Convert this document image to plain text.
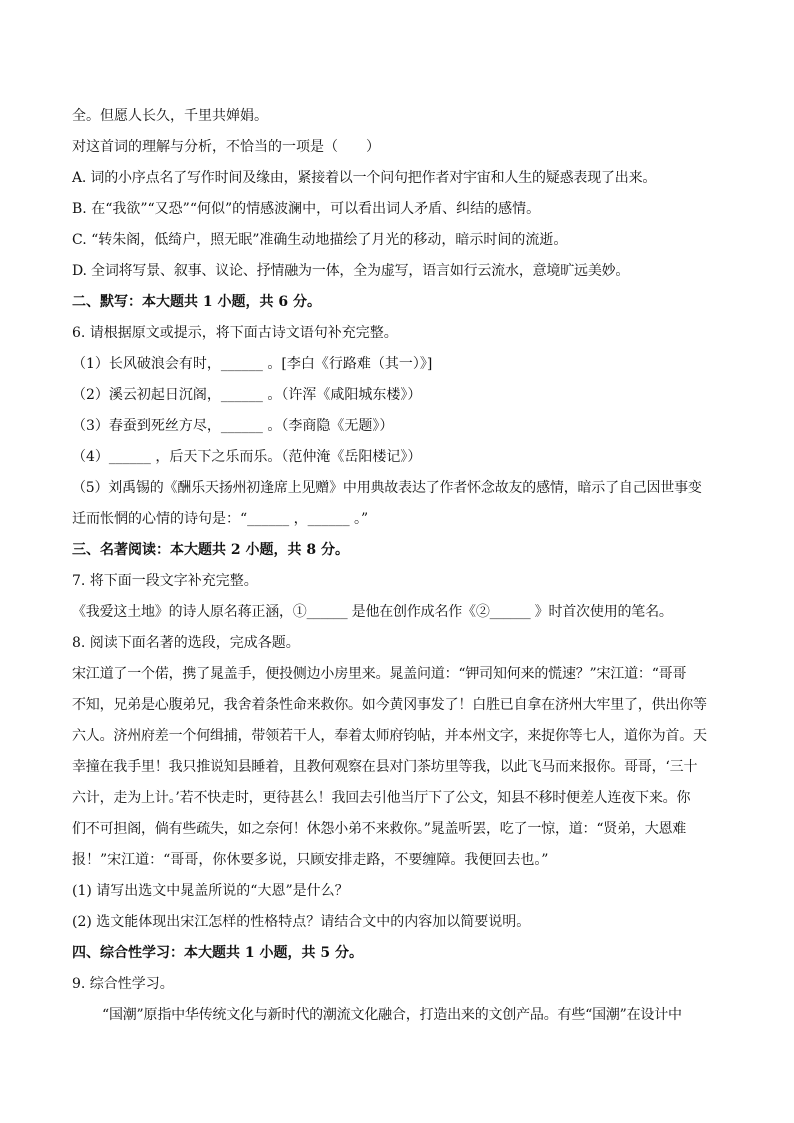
全。但愿人长久，千里共婵娟。
对这首词的理解与分析，不恰当的一项是（　　）
A. 词的小序点名了写作时间及缘由，紧接着以一个问句把作者对宇宙和人生的疑惑表现了出来。
B. 在“我欲”“又恐”“何似”的情感波澜中，可以看出词人矛盾、纠结的感情。
C. “转朱阁，低绮户，照无眠”准确生动地描绘了月光的移动，暗示时间的流逝。
D. 全词将写景、叙事、议论、抒情融为一体，全为虚写，语言如行云流水，意境旷远美妙。
二、默写：本大题共 1 小题，共 6 分。
6. 请根据原文或提示，将下面古诗文语句补充完整。
（1）长风破浪会有时，______ 。[李白《行路难（其一）》]
（2）溪云初起日沉阁，______ 。（许浑《咸阳城东楼》）
（3）春蚕到死丝方尽，______ 。（李商隐《无题》）
（4）______ ，后天下之乐而乐。（范仲淹《岳阳楼记》）
（5）刘禹锡的《酬乐天扬州初逢席上见赠》中用典故表达了作者怀念故友的感情，暗示了自己因世事变
迁而怅惘的心情的诗句是：“______ ，______ 。”
三、名著阅读：本大题共 2 小题，共 8 分。
7. 将下面一段文字补充完整。
《我爱这土地》的诗人原名蒋正涵，①______ 是他在创作成名作《②______ 》时首次使用的笔名。
8. 阅读下面名著的选段，完成各题。
宋江道了一个偌，携了晁盖手，便投侧边小房里来。晁盖问道：“钾司知何来的慌速？”宋江道：“哥哥
不知，兄弟是心腹弟兄，我舍着条性命来救你。如今黄冈事发了！白胜已自拿在济州大牢里了，供出你等
六人。济州府差一个何缉捕，带领若干人，奉着太师府钧帖，并本州文字，来捉你等七人，道你为首。天
幸撞在我手里！我只推说知县睡着，且教何观察在县对门茶坊里等我，以此飞马而来报你。哥哥，‘三十
六计，走为上计。’若不快走时，更待甚么！我回去引他当厅下了公文，知县不移时便差人连夜下来。你
们不可担阁，倘有些疏失，如之奈何！休怨小弟不来救你。”晁盖听罢，吃了一惊，道：“贤弟，大恩难
报！”宋江道：“哥哥，你休要多说，只顾安排走路，不要缠障。我便回去也。”
(1) 请写出选文中晁盖所说的“大恩”是什么？
(2) 选文能体现出宋江怎样的性格特点？请结合文中的内容加以简要说明。
四、综合性学习：本大题共 1 小题，共 5 分。
9. 综合性学习。
“国潮”原指中华传统文化与新时代的潮流文化融合，打造出来的文创产品。有些“国潮”在设计中
